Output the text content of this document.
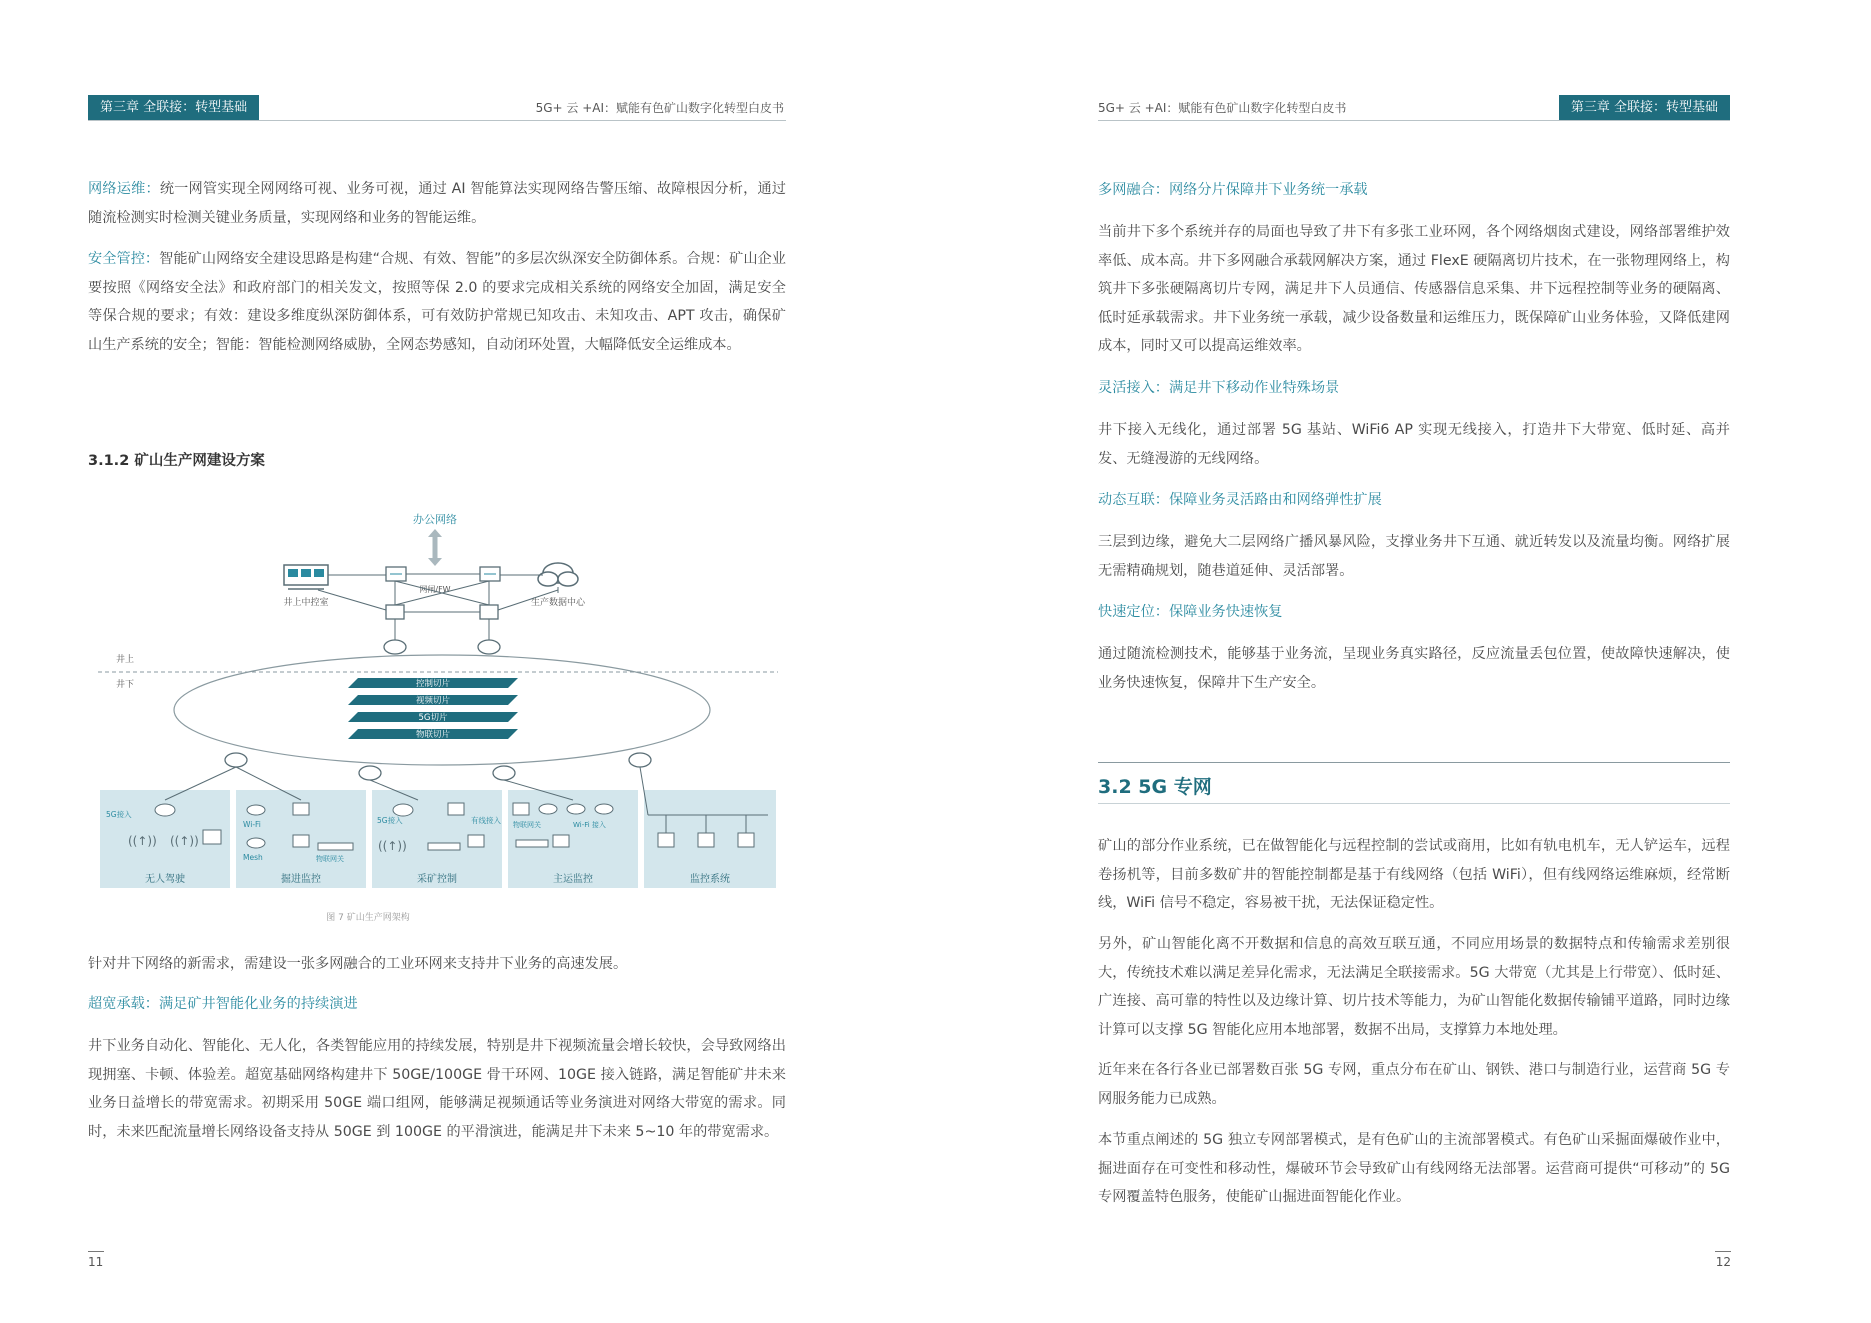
第三章 全联接：转型基础	5G+ 云 +AI：赋能有色矿山数字化转型白皮书

网络运维：统一网管实现全网网络可视、业务可视，通过 AI 智能算法实现网络告警压缩、故障根因分析，通过随流检测实时检测关键业务质量，实现网络和业务的智能运维。

安全管控：智能矿山网络安全建设思路是构建“合规、有效、智能”的多层次纵深安全防御体系。合规：矿山企业要按照《网络安全法》和政府部门的相关发文，按照等保 2.0 的要求完成相关系统的网络安全加固，满足安全等保合规的要求；有效：建设多维度纵深防御体系，可有效防护常规已知攻击、未知攻击、APT 攻击，确保矿山生产系统的安全；智能：智能检测网络威胁，全网态势感知，自动闭环处置，大幅降低安全运维成本。

3.1.2 矿山生产网建设方案
办公网络
井上中控室	生产数据中心
网闸/FW
井上
井下	控制切片
视频切片
5G切片
物联切片
5G接入
((↑)) ((↑))
Wi-Fi
Mesh	物联网关
5G接入	有线接入
((↑))
物联网关	Wi-Fi 接入
无人驾驶	掘进监控	采矿控制	主运监控	监控系统
图 7 矿山生产网架构

针对井下网络的新需求，需建设一张多网融合的工业环网来支持井下业务的高速发展。

超宽承载：满足矿井智能化业务的持续演进

井下业务自动化、智能化、无人化，各类智能应用的持续发展，特别是井下视频流量会增长较快，会导致网络出现拥塞、卡顿、体验差。超宽基础网络构建井下 50GE/100GE 骨干环网、10GE 接入链路，满足智能矿井未来业务日益增长的带宽需求。初期采用 50GE 端口组网，能够满足视频通话等业务演进对网络大带宽的需求。同时，未来匹配流量增长网络设备支持从 50GE 到 100GE 的平滑演进，能满足井下未来 5~10 年的带宽需求。

11
5G+ 云 +AI：赋能有色矿山数字化转型白皮书	第三章 全联接：转型基础
多网融合：网络分片保障井下业务统一承载

当前井下多个系统并存的局面也导致了井下有多张工业环网，各个网络烟囱式建设，网络部署维护效率低、成本高。井下多网融合承载网解决方案，通过 FlexE 硬隔离切片技术，在一张物理网络上，构筑井下多张硬隔离切片专网，满足井下人员通信、传感器信息采集、井下远程控制等业务的硬隔离、低时延承载需求。井下业务统一承载，减少设备数量和运维压力，既保障矿山业务体验，又降低建网成本，同时又可以提高运维效率。

灵活接入：满足井下移动作业特殊场景

井下接入无线化，通过部署 5G 基站、WiFi6 AP 实现无线接入，打造井下大带宽、低时延、高并发、无缝漫游的无线网络。

动态互联：保障业务灵活路由和网络弹性扩展

三层到边缘，避免大二层网络广播风暴风险，支撑业务井下互通、就近转发以及流量均衡。网络扩展无需精确规划，随巷道延伸、灵活部署。

快速定位：保障业务快速恢复

通过随流检测技术，能够基于业务流，呈现业务真实路径，反应流量丢包位置，使故障快速解决，使业务快速恢复，保障井下生产安全。

3.2 5G 专网

矿山的部分作业系统，已在做智能化与远程控制的尝试或商用，比如有轨电机车，无人铲运车，远程卷扬机等，目前多数矿井的智能控制都是基于有线网络（包括 WiFi），但有线网络运维麻烦，经常断线，WiFi 信号不稳定，容易被干扰，无法保证稳定性。

另外，矿山智能化离不开数据和信息的高效互联互通，不同应用场景的数据特点和传输需求差别很大，传统技术难以满足差异化需求，无法满足全联接需求。5G 大带宽（尤其是上行带宽）、低时延、广连接、高可靠的特性以及边缘计算、切片技术等能力，为矿山智能化数据传输铺平道路，同时边缘计算可以支撑 5G 智能化应用本地部署，数据不出局，支撑算力本地处理。

近年来在各行各业已部署数百张 5G 专网，重点分布在矿山、钢铁、港口与制造行业，运营商 5G 专网服务能力已成熟。

本节重点阐述的 5G 独立专网部署模式，是有色矿山的主流部署模式。有色矿山采掘面爆破作业中，掘进面存在可变性和移动性，爆破环节会导致矿山有线网络无法部署。运营商可提供“可移动”的 5G 专网覆盖特色服务，使能矿山掘进面智能化作业。

12
